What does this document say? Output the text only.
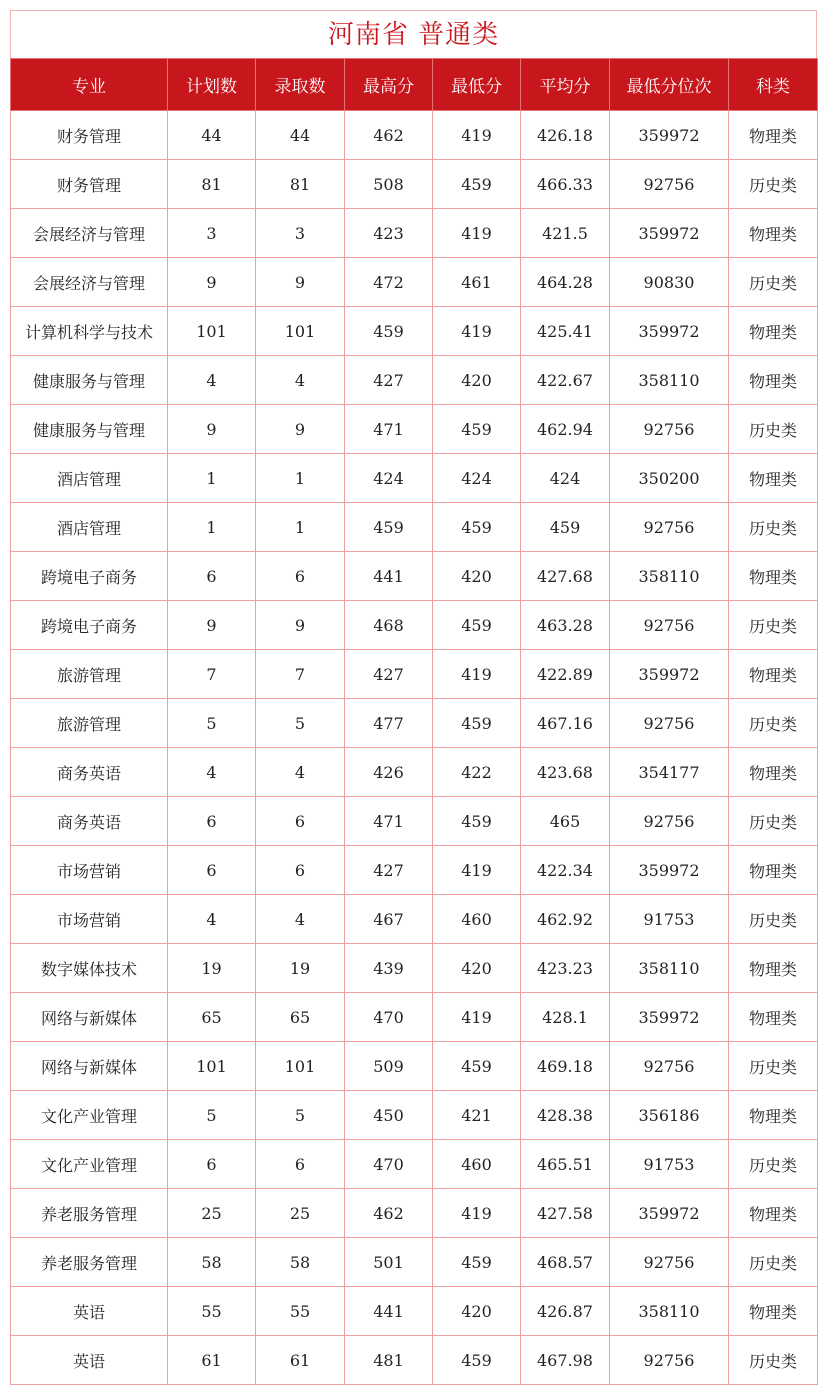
河南省 普通类
专业	计划数	录取数	最高分	最低分	平均分	最低分位次	科类
财务管理	44	44	462	419	426.18	359972	物理类
财务管理	81	81	508	459	466.33	92756	历史类
会展经济与管理	3	3	423	419	421.5	359972	物理类
会展经济与管理	9	9	472	461	464.28	90830	历史类
计算机科学与技术	101	101	459	419	425.41	359972	物理类
健康服务与管理	4	4	427	420	422.67	358110	物理类
健康服务与管理	9	9	471	459	462.94	92756	历史类
酒店管理	1	1	424	424	424	350200	物理类
酒店管理	1	1	459	459	459	92756	历史类
跨境电子商务	6	6	441	420	427.68	358110	物理类
跨境电子商务	9	9	468	459	463.28	92756	历史类
旅游管理	7	7	427	419	422.89	359972	物理类
旅游管理	5	5	477	459	467.16	92756	历史类
商务英语	4	4	426	422	423.68	354177	物理类
商务英语	6	6	471	459	465	92756	历史类
市场营销	6	6	427	419	422.34	359972	物理类
市场营销	4	4	467	460	462.92	91753	历史类
数字媒体技术	19	19	439	420	423.23	358110	物理类
网络与新媒体	65	65	470	419	428.1	359972	物理类
网络与新媒体	101	101	509	459	469.18	92756	历史类
文化产业管理	5	5	450	421	428.38	356186	物理类
文化产业管理	6	6	470	460	465.51	91753	历史类
养老服务管理	25	25	462	419	427.58	359972	物理类
养老服务管理	58	58	501	459	468.57	92756	历史类
英语	55	55	441	420	426.87	358110	物理类
英语	61	61	481	459	467.98	92756	历史类
